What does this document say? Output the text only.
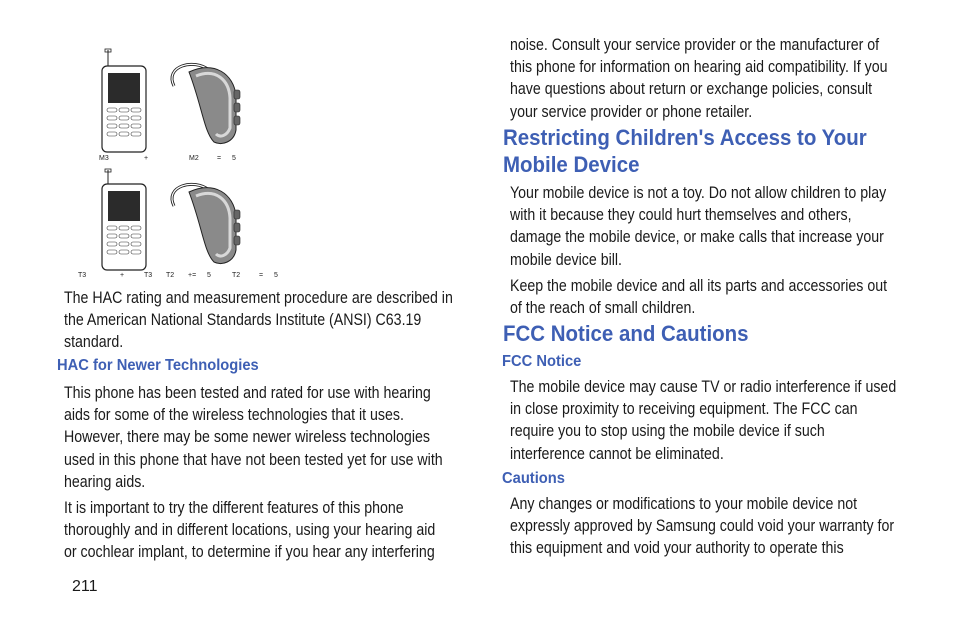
M3	+	M2	= 5
T3	+	T3 T2 += 5	T2	= 5
The HAC rating and measurement procedure are described in
the American National Standards Institute (ANSI) C63.19
standard.
HAC for Newer Technologies
This phone has been tested and rated for use with hearing
aids for some of the wireless technologies that it uses.
However, there may be some newer wireless technologies
used in this phone that have not been tested yet for use with
hearing aids.
It is important to try the different features of this phone
thoroughly and in different locations, using your hearing aid
or cochlear implant, to determine if you hear any interfering
211
noise. Consult your service provider or the manufacturer of
this phone for information on hearing aid compatibility. If you
have questions about return or exchange policies, consult
your service provider or phone retailer.
Restricting Children's Access to Your
Mobile Device
Your mobile device is not a toy. Do not allow children to play
with it because they could hurt themselves and others,
damage the mobile device, or make calls that increase your
mobile device bill.
Keep the mobile device and all its parts and accessories out
of the reach of small children.
FCC Notice and Cautions
FCC Notice
The mobile device may cause TV or radio interference if used
in close proximity to receiving equipment. The FCC can
require you to stop using the mobile device if such
interference cannot be eliminated.
Cautions
Any changes or modifications to your mobile device not
expressly approved by Samsung could void your warranty for
this equipment and void your authority to operate this
